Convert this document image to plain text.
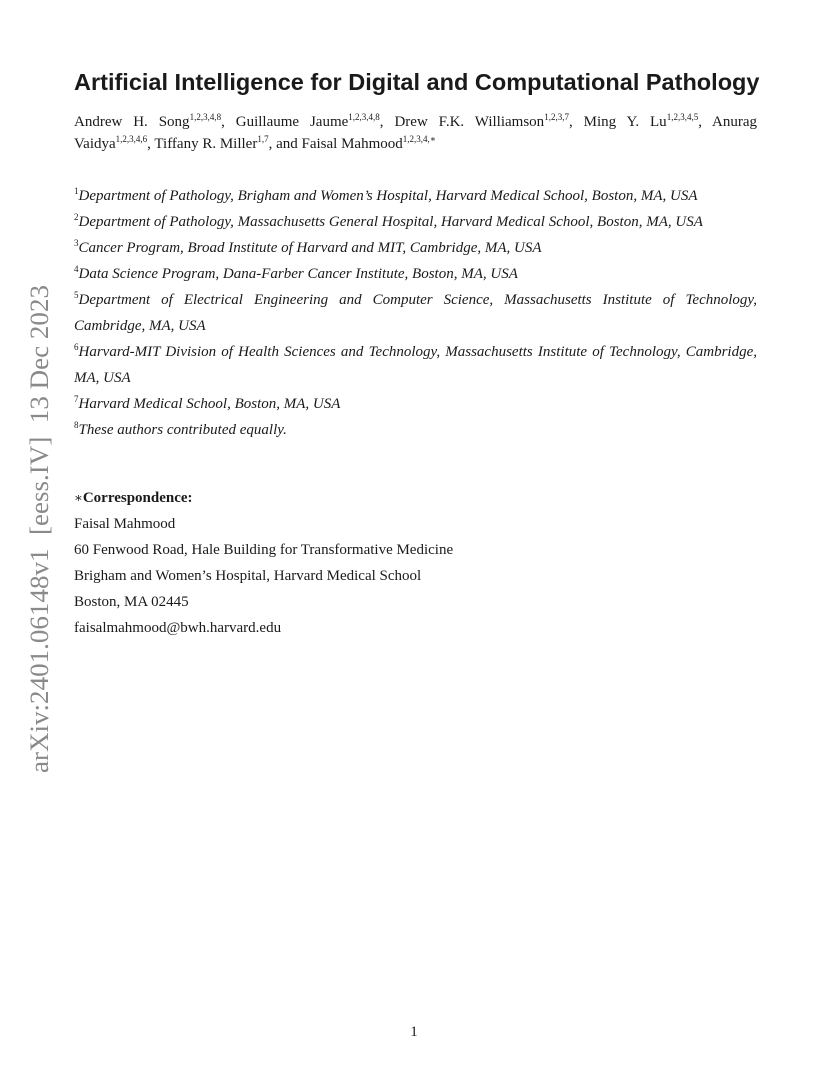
Artificial Intelligence for Digital and Computational Pathology
Andrew H. Song$^{1,2,3,4,8}$, Guillaume Jaume$^{1,2,3,4,8}$, Drew F.K. Williamson$^{1,2,3,7}$, Ming Y. Lu$^{1,2,3,4,5}$, Anurag Vaidya$^{1,2,3,4,6}$, Tiffany R. Miller$^{1,7}$, and Faisal Mahmood$^{1,2,3,4,∗}$
$^1$Department of Pathology, Brigham and Women’s Hospital, Harvard Medical School, Boston, MA, USA
$^2$Department of Pathology, Massachusetts General Hospital, Harvard Medical School, Boston, MA, USA
$^3$Cancer Program, Broad Institute of Harvard and MIT, Cambridge, MA, USA
$^4$Data Science Program, Dana-Farber Cancer Institute, Boston, MA, USA
$^5$Department of Electrical Engineering and Computer Science, Massachusetts Institute of Technology, Cambridge, MA, USA
$^6$Harvard-MIT Division of Health Sciences and Technology, Massachusetts Institute of Technology, Cambridge, MA, USA
$^7$Harvard Medical School, Boston, MA, USA
$^8$These authors contributed equally.
∗Correspondence:
Faisal Mahmood
60 Fenwood Road, Hale Building for Transformative Medicine
Brigham and Women’s Hospital, Harvard Medical School
Boston, MA 02445
faisalmahmood@bwh.harvard.edu
arXiv:2401.06148v1  [eess.IV]  13 Dec 2023
1
